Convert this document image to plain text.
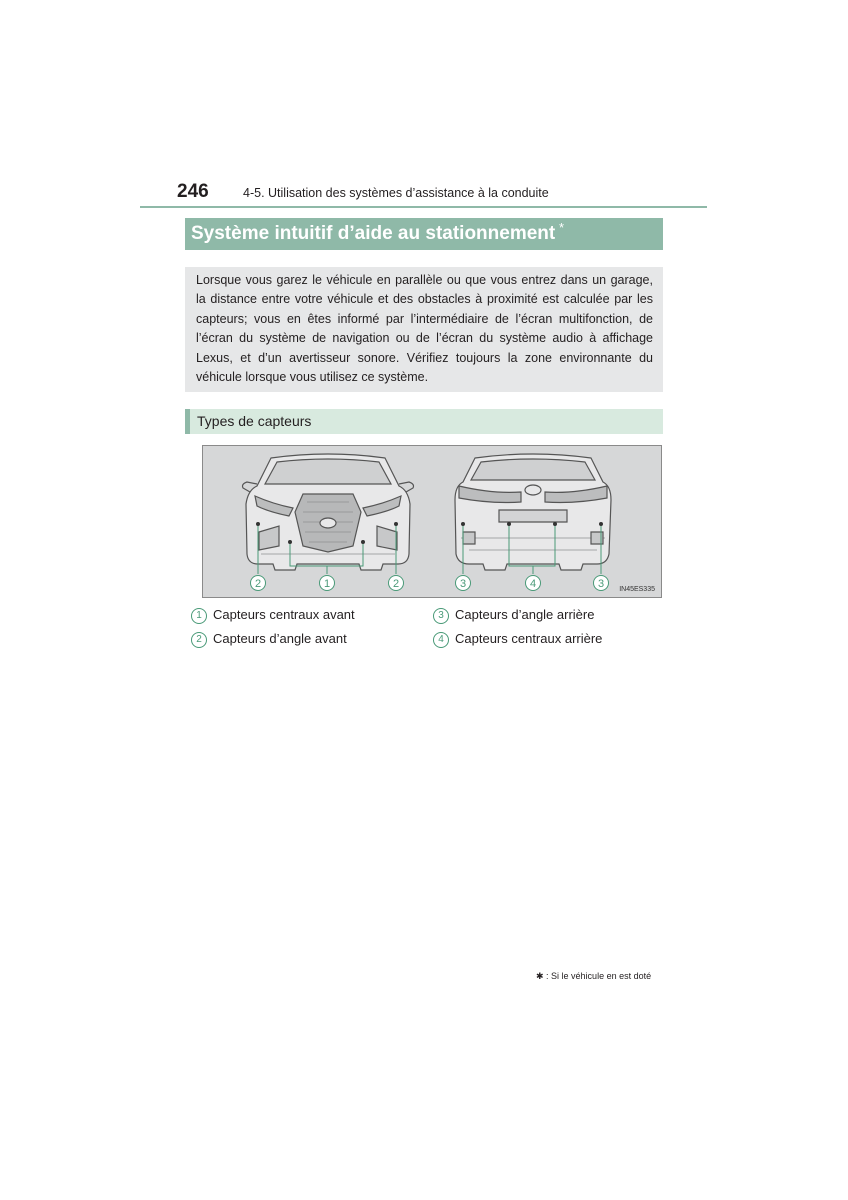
246	4-5. Utilisation des systèmes d’assistance à la conduite
Système intuitif d’aide au stationnement *

Lorsque vous garez le véhicule en parallèle ou que vous entrez dans un garage, la distance entre votre véhicule et des obstacles à proximité est calculée par les capteurs; vous en êtes informé par l’intermédiaire de l’écran multifonction, de l’écran du système de navigation ou de l’écran du système audio à affichage Lexus, et d’un avertisseur sonore. Vérifiez toujours la zone environnante du véhicule lorsque vous utilisez ce système.

Types de capteurs
2	1	2	3	4	3 IN45ES335
1 Capteurs centraux avant
2 Capteurs d’angle avant
3 Capteurs d’angle arrière
4 Capteurs centraux arrière
✱ : Si le véhicule en est doté
